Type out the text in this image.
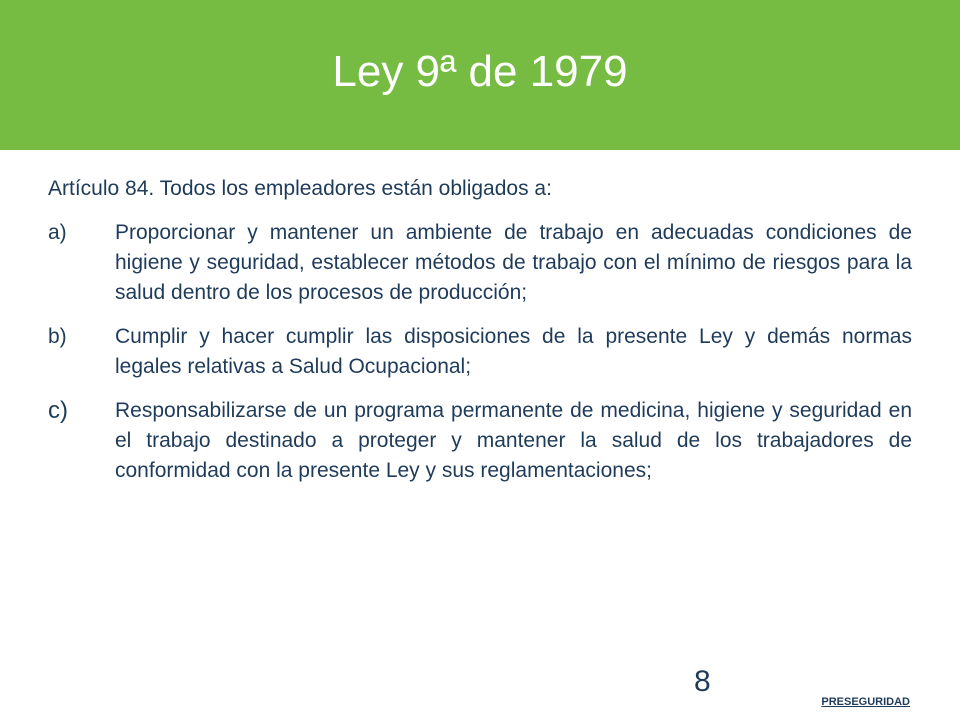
Ley 9ª de 1979

Artículo 84. Todos los empleadores están obligados a:

a)	Proporcionar y mantener un ambiente de trabajo en adecuadas condiciones de higiene y seguridad, establecer métodos de trabajo con el mínimo de riesgos para la salud dentro de los procesos de producción;
b)	Cumplir y hacer cumplir las disposiciones de la presente Ley y demás normas legales relativas a Salud Ocupacional;
c)	Responsabilizarse de un programa permanente de medicina, higiene y seguridad en el trabajo destinado a proteger y mantener la salud de los trabajadores de conformidad con la presente Ley y sus reglamentaciones;
8
PRESEGURIDAD
